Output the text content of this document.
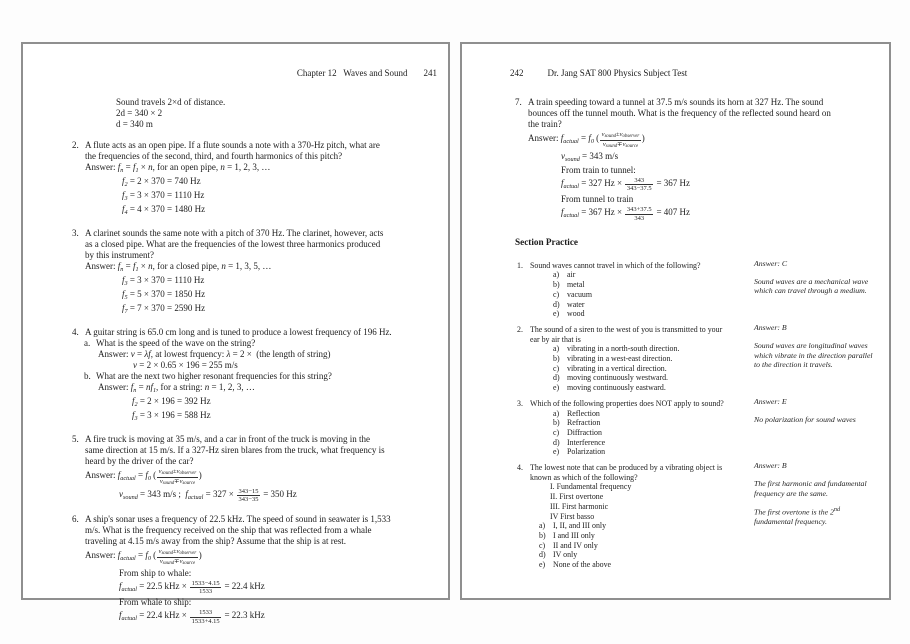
Chapter 12   Waves and Sound 241
Sound travels 2×d of distance.
2d = 340 × 2
d = 340 m
2. A flute acts as an open pipe. If a flute sounds a note with a 370-Hz pitch, what are
the frequencies of the second, third, and fourth harmonics of this pitch?
Answer: $f_n = f_1 \times n$, for an open pipe, n = 1, 2, 3, …
$f_2 = 2 \times 370 = 740$ Hz
$f_3 = 3 \times 370 = 1110$ Hz
$f_4 = 4 \times 370 = 1480$ Hz
3. A clarinet sounds the same note with a pitch of 370 Hz. The clarinet, however, acts
as a closed pipe. What are the frequencies of the lowest three harmonics produced
by this instrument?
Answer: $f_n = f_1 \times n$, for a closed pipe, n = 1, 3, 5, …
$f_3 = 3 \times 370 = 1110$ Hz
$f_5 = 5 \times 370 = 1850$ Hz
$f_7 = 7 \times 370 = 2590$ Hz
4. A guitar string is 65.0 cm long and is tuned to produce a lowest frequency of 196 Hz.
a. What is the speed of the wave on the string?
Answer: v = λf, at lowest frquency: λ = 2 ×  (the length of string)
v = 2 × 0.65 × 196 = 255 m/s
b. What are the next two higher resonant frequencies for this string?
Answer: $f_n = nf_1$, for a string: n = 1, 2, 3, …
$f_2 = 2 \times 196 = 392$ Hz
$f_3 = 3 \times 196 = 588$ Hz
5. A fire truck is moving at 35 m/s, and a car in front of the truck is moving in the
same direction at 15 m/s. If a 327-Hz siren blares from the truck, what frequency is
heard by the driver of the car?
Answer: $f_{actual} = f_0$ ( $\frac{v_{sound}\pm v_{observer}}{v_{sound}\mp v_{source}}$ )
$v_{sound} = 343$ m/s ;  $f_{actual} = 327 \times \frac{343-15}{343-35} = 350$ Hz
6. A ship's sonar uses a frequency of 22.5 kHz. The speed of sound in seawater is 1,533
m/s. What is the frequency received on the ship that was reflected from a whale
traveling at 4.15 m/s away from the ship? Assume that the ship is at rest.
Answer: $f_{actual} = f_0$ ( $\frac{v_{sound}\pm v_{observer}}{v_{sound}\mp v_{source}}$ )
From ship to whale:
$f_{actual} = 22.5$ kHz × $\frac{1533-4.15}{1533} = 22.4$ kHz
From whale to ship:
$f_{actual} = 22.4$ kHz × $\frac{1533}{1533+4.15} = 22.3$ kHz
242	Dr. Jang SAT 800 Physics Subject Test
7. A train speeding toward a tunnel at 37.5 m/s sounds its horn at 327 Hz. The sound
bounces off the tunnel mouth. What is the frequency of the reflected sound heard on
the train?
Answer: $f_{actual} = f_0$ ( $\frac{v_{sound}\pm v_{observer}}{v_{sound}\mp v_{source}}$ )
$v_{sound} = 343$ m/s
From train to tunnel:
$f_{actual} = 327$ $Hz \times \frac{343}{343-37.5} = 367$ Hz
From tunnel to train
$f_{actual} = 367$ $Hz \times \frac{343+37.5}{343} = 407$ Hz
Section Practice
1. Sound waves cannot travel in which of the following?
a) air
b) metal
c) vacuum
d) water
e) wood
Answer: C
Sound waves are a mechanical wave which can travel through a medium.
2. The sound of a siren to the west of you is transmitted to your
ear by air that is
a) vibrating in a north-south direction.
b) vibrating in a west-east direction.
c) vibrating in a vertical direction.
d) moving continuously westward.
e) moving continuously eastward.
Answer: B
Sound waves are longitudinal waves which vibrate in the direction parallel to the direction it travels.
3. Which of the following properties does NOT apply to sound?
a) Reflection
b) Refraction
c) Diffraction
d) Interference
e) Polarization
Answer: E
No polarization for sound waves
4. The lowest note that can be produced by a vibrating object is
known as which of the following?
I. Fundamental frequency
II. First overtone
III. First harmonic
IV First basso
a) I, II, and III only
b) I and III only
c) II and IV only
d) IV only
e) None of the above
Answer: B
The first harmonic and fundamental frequency are the same.
The first overtone is the 2nd fundamental frequency.
